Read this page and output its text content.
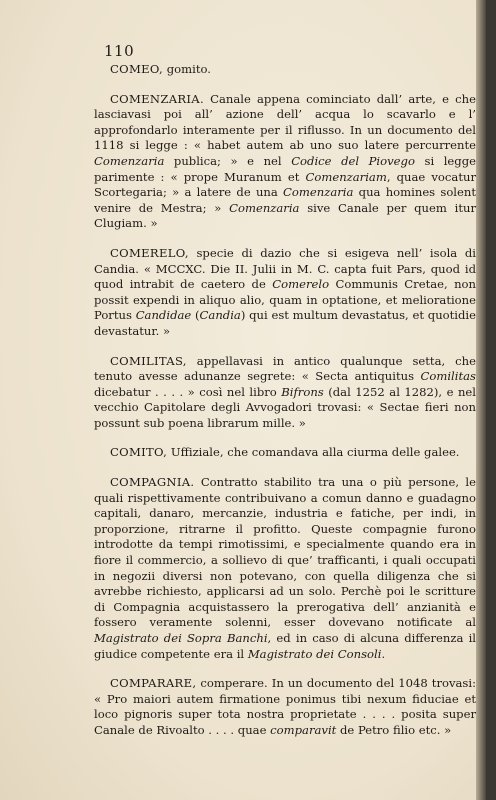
110

COMEO, gomito.

COMENZARIA. Canale appena cominciato dall’ arte, e che lasciavasi poi all’ azione dell’ acqua lo scavarlo e l’ approfondarlo interamente per il riflusso. In un documento del 1118 si legge : « habet autem ab uno suo latere percurrente Comenzaria publica; » e nel Codice del Piovego si legge parimente : « prope Muranum et Comenzariam, quae vocatur Scortegaria; » a latere de una Comenzaria qua homines solent venire de Mestra; » Comenzaria sive Canale per quem itur Clugiam. »

COMERELO, specie di dazio che si esigeva nell’ isola di Candia. « MCCXC. Die II. Julii in M. C. capta fuit Pars, quod id quod intrabit de caetero de Comerelo Communis Cretae, non possit expendi in aliquo alio, quam in optatione, et melioratione Portus Candidae (Candia) qui est multum devastatus, et quotidie devastatur. »

COMILITAS, appellavasi in antico qualunque setta, che tenuto avesse adunanze segrete: « Secta antiquitus Comilitas dicebatur . . . . » così nel libro Bifrons (dal 1252 al 1282), e nel vecchio Capitolare degli Avvogadori trovasi: « Sectae fieri non possunt sub poena librarum mille. »

COMITO, Uffiziale, che comandava alla ciurma delle galee.

COMPAGNIA. Contratto stabilito tra una o più persone, le quali rispettivamente contribuivano a comun danno e guadagno capitali, danaro, mercanzie, industria e fatiche, per indi, in proporzione, ritrarne il profitto. Queste compagnie furono introdotte da tempi rimotissimi, e specialmente quando era in fiore il commercio, a sollievo di que’ trafficanti, i quali occupati in negozii diversi non potevano, con quella diligenza che si avrebbe richiesto, applicarsi ad un solo. Perchè poi le scritture di Compagnia acquistassero la prerogativa dell’ anzianità e fossero veramente solenni, esser dovevano notificate al Magistrato dei Sopra Banchi, ed in caso di alcuna differenza il giudice competente era il Magistrato dei Consoli.

COMPARARE, comperare. In un documento del 1048 trovasi: « Pro maiori autem firmatione ponimus tibi nexum fiduciae et loco pignoris super tota nostra proprietate . . . . posita super Canale de Rivoalto . . . . quae comparavit de Petro filio etc. »
